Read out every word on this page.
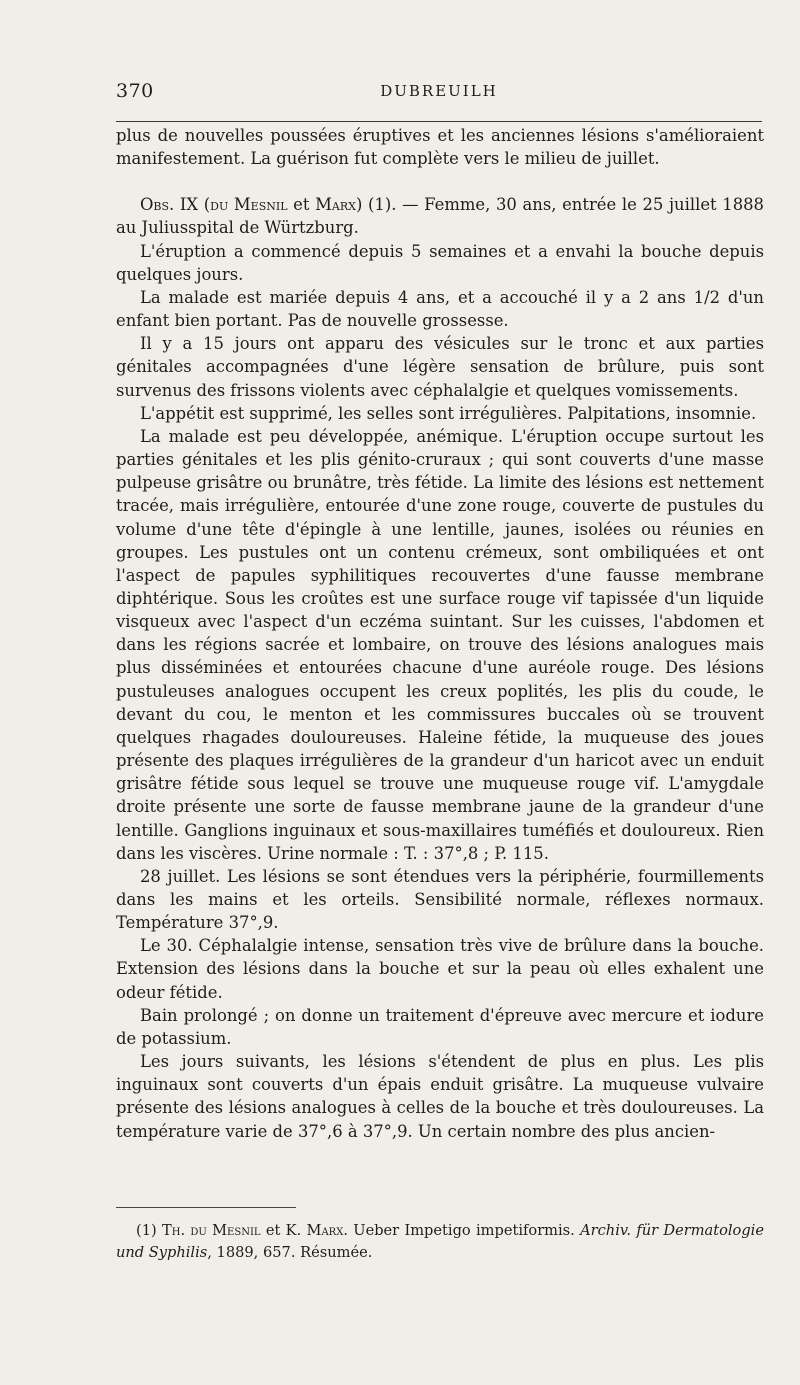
370	DUBREUILH

plus de nouvelles poussées éruptives et les anciennes lésions s'amélioraient manifestement. La guérison fut complète vers le milieu de juillet.

Obs. IX (du Mesnil et Marx) (1). — Femme, 30 ans, entrée le 25 juillet 1888 au Juliusspital de Würtzburg.

L'éruption a commencé depuis 5 semaines et a envahi la bouche depuis quelques jours.

La malade est mariée depuis 4 ans, et a accouché il y a 2 ans 1/2 d'un enfant bien portant. Pas de nouvelle grossesse.

Il y a 15 jours ont apparu des vésicules sur le tronc et aux parties génitales accompagnées d'une légère sensation de brûlure, puis sont survenus des frissons violents avec céphalalgie et quelques vomissements.

L'appétit est supprimé, les selles sont irrégulières. Palpitations, insomnie.

La malade est peu développée, anémique. L'éruption occupe surtout les parties génitales et les plis génito-cruraux ; qui sont couverts d'une masse pulpeuse grisâtre ou brunâtre, très fétide. La limite des lésions est nettement tracée, mais irrégulière, entourée d'une zone rouge, couverte de pustules du volume d'une tête d'épingle à une lentille, jaunes, isolées ou réunies en groupes. Les pustules ont un contenu crémeux, sont ombiliquées et ont l'aspect de papules syphilitiques recouvertes d'une fausse membrane diphtérique. Sous les croûtes est une surface rouge vif tapissée d'un liquide visqueux avec l'aspect d'un eczéma suintant. Sur les cuisses, l'abdomen et dans les régions sacrée et lombaire, on trouve des lésions analogues mais plus disséminées et entourées chacune d'une auréole rouge. Des lésions pustuleuses analogues occupent les creux poplités, les plis du coude, le devant du cou, le menton et les commissures buccales où se trouvent quelques rhagades douloureuses. Haleine fétide, la muqueuse des joues présente des plaques irrégulières de la grandeur d'un haricot avec un enduit grisâtre fétide sous lequel se trouve une muqueuse rouge vif. L'amygdale droite présente une sorte de fausse membrane jaune de la grandeur d'une lentille. Ganglions inguinaux et sous-maxillaires tuméfiés et douloureux. Rien dans les viscères. Urine normale : T. : 37°,8 ; P. 115.

28 juillet. Les lésions se sont étendues vers la périphérie, fourmillements dans les mains et les orteils. Sensibilité normale, réflexes normaux. Température 37°,9.

Le 30. Céphalalgie intense, sensation très vive de brûlure dans la bouche. Extension des lésions dans la bouche et sur la peau où elles exhalent une odeur fétide.

Bain prolongé ; on donne un traitement d'épreuve avec mercure et iodure de potassium.

Les jours suivants, les lésions s'étendent de plus en plus. Les plis inguinaux sont couverts d'un épais enduit grisâtre. La muqueuse vulvaire présente des lésions analogues à celles de la bouche et très douloureuses. La température varie de 37°,6 à 37°,9. Un certain nombre des plus ancien-

(1) Th. du Mesnil et K. Marx. Ueber Impetigo impetiformis. Archiv. für Dermatologie und Syphilis, 1889, 657. Résumée.
